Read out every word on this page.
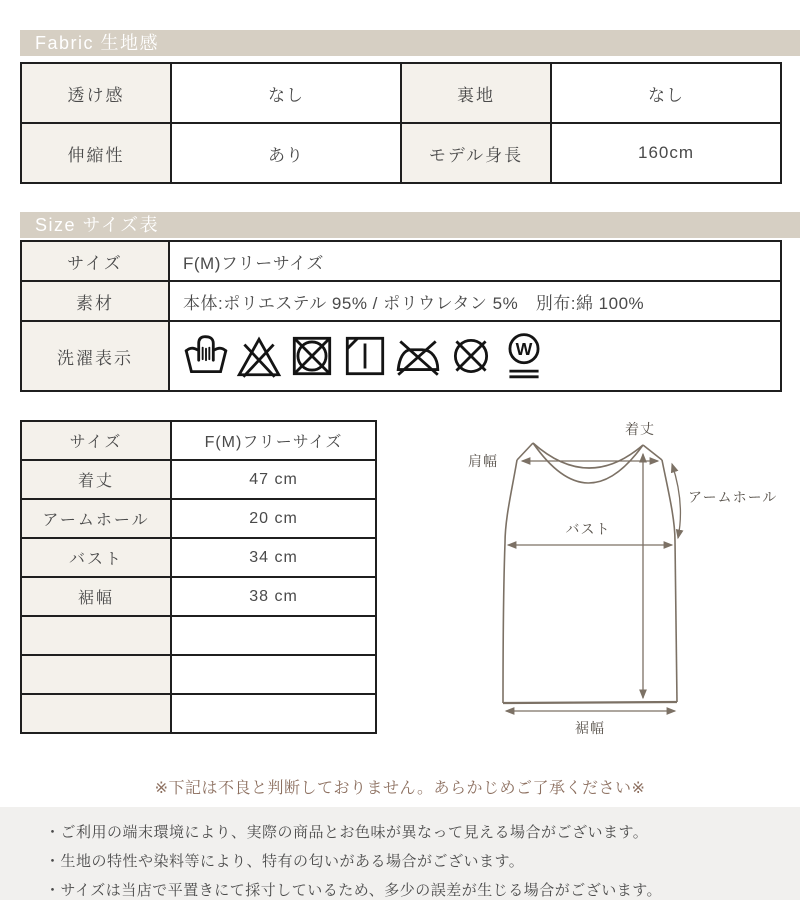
Fabric 生地感
透け感	なし	裏地	なし
伸縮性	あり	モデル身長	160cm
Size サイズ表
サイズ	F(M)フリーサイズ
素材	本体:ポリエステル 95% / ポリウレタン 5%　別布:綿 100%
洗濯表示	W
サイズ	F(M)フリーサイズ
着丈	47 cm
アームホール	20 cm
バスト	34 cm
裾幅	38 cm

着丈
肩幅
アームホール
バスト
裾幅
※下記は不良と判断しておりません。あらかじめご了承ください※
・ご利用の端末環境により、実際の商品とお色味が異なって見える場合がございます。
・生地の特性や染料等により、特有の匂いがある場合がございます。
・サイズは当店で平置きにて採寸しているため、多少の誤差が生じる場合がございます。
